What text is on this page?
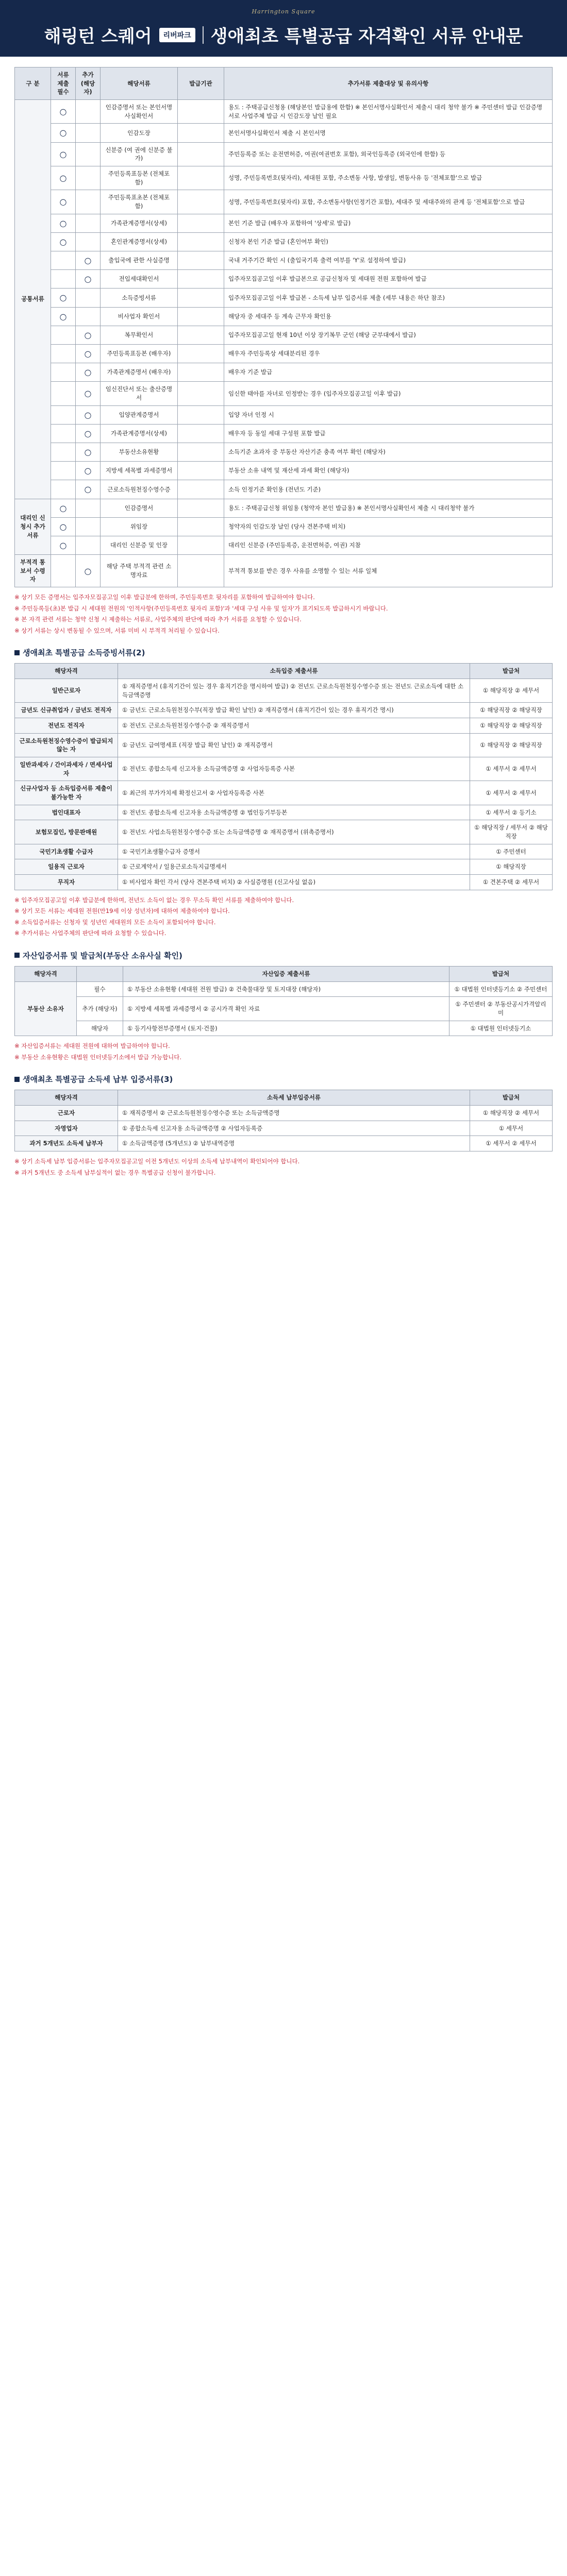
Harrington Square
해링턴 스퀘어	리버파크 생애최초 특별공급 자격확인 서류 안내문
구 분	서류제출 필수	추가 (해당자)	해당서류	발급기관	추가서류 제출대상 및 유의사항
공통서류	○		인감증명서 또는 본인서명사실확인서		용도 : 주택공급신청용 (해당본인 발급용에 한함) ※ 본인서명사실확인서 제출시 대리 청약 불가 ※ 주민센터 발급 인감증명서로 사업주체 발급 시 인감도장 날인 필요
	○		인감도장		본인서명사실확인서 제출 시 본인서명
	○		신분증 (여 권에 신분증 불가)		주민등록증 또는 운전면허증, 여권(여권번호 포함), 외국인등록증 (외국인에 한함) 등
	○		주민등록표등본 (전체포함)		성명, 주민등록번호(뒷자리), 세대원 포함, 주소변동 사항, 발생일, 변동사유 등 '전체포함'으로 발급
	○		주민등록표초본 (전체포함)		성명, 주민등록번호(뒷자리) 포함, 주소변동사항(인정기간 포함), 세대주 및 세대주와의 관계 등 '전체포함'으로 발급
	○		가족관계증명서(상세)		본인 기준 발급 (배우자 포함하여 '상세'로 발급)
	○		혼인관계증명서(상세)		신청자 본인 기준 발급 (혼인여부 확인)
		○	출입국에 관한 사실증명		국내 거주기간 확인 시 (출입국기록 출력 여부를 'Y'로 설정하여 발급)
		○	전입세대확인서		입주자모집공고일 이후 발급본으로 공급신청자 및 세대원 전원 포함하여 발급
	○		소득증빙서류		입주자모집공고일 이후 발급본 - 소득세 납부 입증서류 제출 (세부 내용은 하단 참조)
	○		비사업자 확인서		해당자 중 세대주 등 계속 근무자 확인용
		○	복무확인서		입주자모집공고일 현재 10년 이상 장기복무 군인 (해당 군부대에서 발급)
		○	주민등록표등본 (배우자)		배우자 주민등록상 세대분리된 경우
		○	가족관계증명서 (배우자)		배우자 기준 발급
		○	임신진단서 또는 출산증명서		임신한 태아를 자녀로 인정받는 경우 (입주자모집공고일 이후 발급)
		○	입양관계증명서		입양 자녀 인정 시
		○	가족관계증명서(상세)		배우자 등 동일 세대 구성원 포함 발급
		○	부동산소유현황		소득기준 초과자 중 부동산 자산기준 충족 여부 확인 (해당자)
		○	지방세 세목별 과세증명서		부동산 소유 내역 및 재산세 과세 확인 (해당자)
		○	근로소득원천징수영수증		소득 인정기준 확인용 (전년도 기준)
대리인 신청시 추가서류	○		인감증명서		용도 : 주택공급신청 위임용 (청약자 본인 발급용) ※ 본인서명사실확인서 제출 시 대리청약 불가
	○		위임장		청약자의 인감도장 날인 (당사 견본주택 비치)
	○		대리인 신분증 및 인장		대리인 신분증 (주민등록증, 운전면허증, 여권) 지참
부적격 통보서 수령자		○	해당 주택 부적격 관련 소명자료		부적격 통보를 받은 경우 사유를 소명할 수 있는 서류 일체

※ 상기 모든 증명서는 입주자모집공고일 이후 발급분에 한하며, 주민등록번호 뒷자리를 포함하여 발급하여야 합니다.

※ 주민등록등(초)본 발급 시 세대원 전원의 '인적사항(주민등록번호 뒷자리 포함)'과 '세대 구성 사유 및 일자'가 표기되도록 발급하시기 바랍니다.

※ 본 자격 관련 서류는 청약 신청 시 제출하는 서류로, 사업주체의 판단에 따라 추가 서류를 요청할 수 있습니다.

※ 상기 서류는 상시 변동될 수 있으며, 서류 미비 시 부적격 처리될 수 있습니다.

생애최초 특별공급 소득증빙서류(2)
해당자격	소득입증 제출서류	발급처
일반근로자	① 재직증명서 (휴직기간이 있는 경우 휴직기간을 명시하여 발급) ② 전년도 근로소득원천징수영수증 또는 전년도 근로소득에 대한 소득금액증명	① 해당직장 ② 세무서
금년도 신규취업자 / 금년도 전직자	① 금년도 근로소득원천징수부(직장 발급 확인 날인) ② 재직증명서 (휴직기간이 있는 경우 휴직기간 명시)	① 해당직장 ② 해당직장
전년도 전직자	① 전년도 근로소득원천징수영수증 ② 재직증명서	① 해당직장 ② 해당직장
근로소득원천징수영수증이 발급되지 않는 자	① 금년도 급여명세표 (직장 발급 확인 날인) ② 재직증명서	① 해당직장 ② 해당직장
일반과세자 / 간이과세자 / 면세사업자	① 전년도 종합소득세 신고자용 소득금액증명 ② 사업자등록증 사본	① 세무서 ② 세무서
신규사업자 등 소득입증서류 제출이 불가능한 자	① 최근의 부가가치세 확정신고서 ② 사업자등록증 사본	① 세무서 ② 세무서
법인대표자	① 전년도 종합소득세 신고자용 소득금액증명 ② 법인등기부등본	① 세무서 ② 등기소
보험모집인, 방문판매원	① 전년도 사업소득원천징수영수증 또는 소득금액증명 ② 재직증명서 (위촉증명서)	① 해당직장 / 세무서 ② 해당직장
국민기초생활 수급자	① 국민기초생활수급자 증명서	① 주민센터
일용직 근로자	① 근로계약서 / 일용근로소득지급명세서	① 해당직장
무직자	① 비사업자 확인 각서 (당사 견본주택 비치) ② 사실증명원 (신고사실 없음)	① 견본주택 ② 세무서

※ 입주자모집공고일 이후 발급분에 한하며, 전년도 소득이 없는 경우 무소득 확인 서류를 제출하여야 합니다.

※ 상기 모든 서류는 세대원 전원(만19세 이상 성년자)에 대하여 제출하여야 합니다.

※ 소득입증서류는 신청자 및 성년인 세대원의 모든 소득이 포함되어야 합니다.

※ 추가서류는 사업주체의 판단에 따라 요청할 수 있습니다.

자산입증서류 및 발급처(부동산 소유사실 확인)
해당자격		자산입증 제출서류	발급처
부동산 소유자	필수	① 부동산 소유현황 (세대원 전원 발급) ② 건축물대장 및 토지대장 (해당자)	① 대법원 인터넷등기소 ② 주민센터
	추가 (해당자)	① 지방세 세목별 과세증명서 ② 공시가격 확인 자료	① 주민센터 ② 부동산공시가격알리미
	해당자	① 등기사항전부증명서 (토지·건물)	① 대법원 인터넷등기소

※ 자산입증서류는 세대원 전원에 대하여 발급하여야 합니다.

※ 부동산 소유현황은 대법원 인터넷등기소에서 발급 가능합니다.

생애최초 특별공급 소득세 납부 입증서류(3)
해당자격	소득세 납부입증서류	발급처
근로자	① 재직증명서 ② 근로소득원천징수영수증 또는 소득금액증명	① 해당직장 ② 세무서
자영업자	① 종합소득세 신고자용 소득금액증명 ② 사업자등록증	① 세무서
과거 5개년도 소득세 납부자	① 소득금액증명 (5개년도) ② 납부내역증명	① 세무서 ② 세무서

※ 상기 소득세 납부 입증서류는 입주자모집공고일 이전 5개년도 이상의 소득세 납부내역이 확인되어야 합니다.

※ 과거 5개년도 중 소득세 납부실적이 없는 경우 특별공급 신청이 불가합니다.
